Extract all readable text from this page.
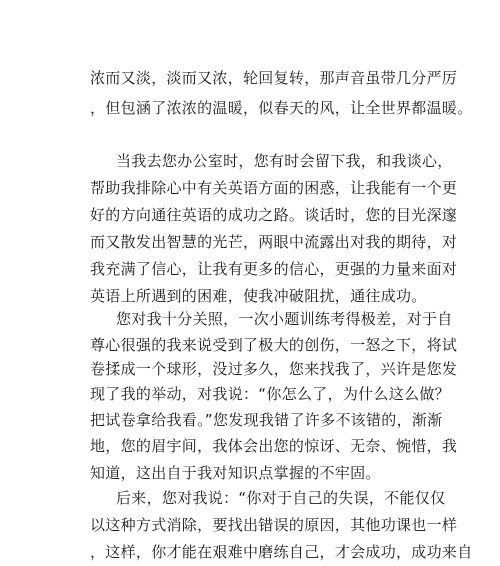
浓而又淡，淡而又浓，轮回复转，那声音虽带几分严厉
，但包涵了浓浓的温暖，似春天的风，让全世界都温暖。
当我去您办公室时，您有时会留下我，和我谈心，
帮助我排除心中有关英语方面的困惑，让我能有一个更
好的方向通往英语的成功之路。谈话时，您的目光深邃
而又散发出智慧的光芒，两眼中流露出对我的期待，对
我充满了信心，让我有更多的信心，更强的力量来面对
英语上所遇到的困难，使我冲破阻扰，通往成功。
您对我十分关照，一次小题训练考得极差，对于自
尊心很强的我来说受到了极大的创伤，一怒之下，将试
卷揉成一个球形，没过多久，您来找我了，兴许是您发
现了我的举动，对我说：“你怎么了，为什么这么做？
把试卷拿给我看。”您发现我错了许多不该错的，渐渐
地，您的眉宇间，我体会出您的惊讶、无奈、惋惜，我
知道，这出自于我对知识点掌握的不牢固。
后来，您对我说：“你对于自己的失误，不能仅仅
以这种方式消除，要找出错误的原因，其他功课也一样
，这样，你才能在艰难中磨练自己，才会成功，成功来自
